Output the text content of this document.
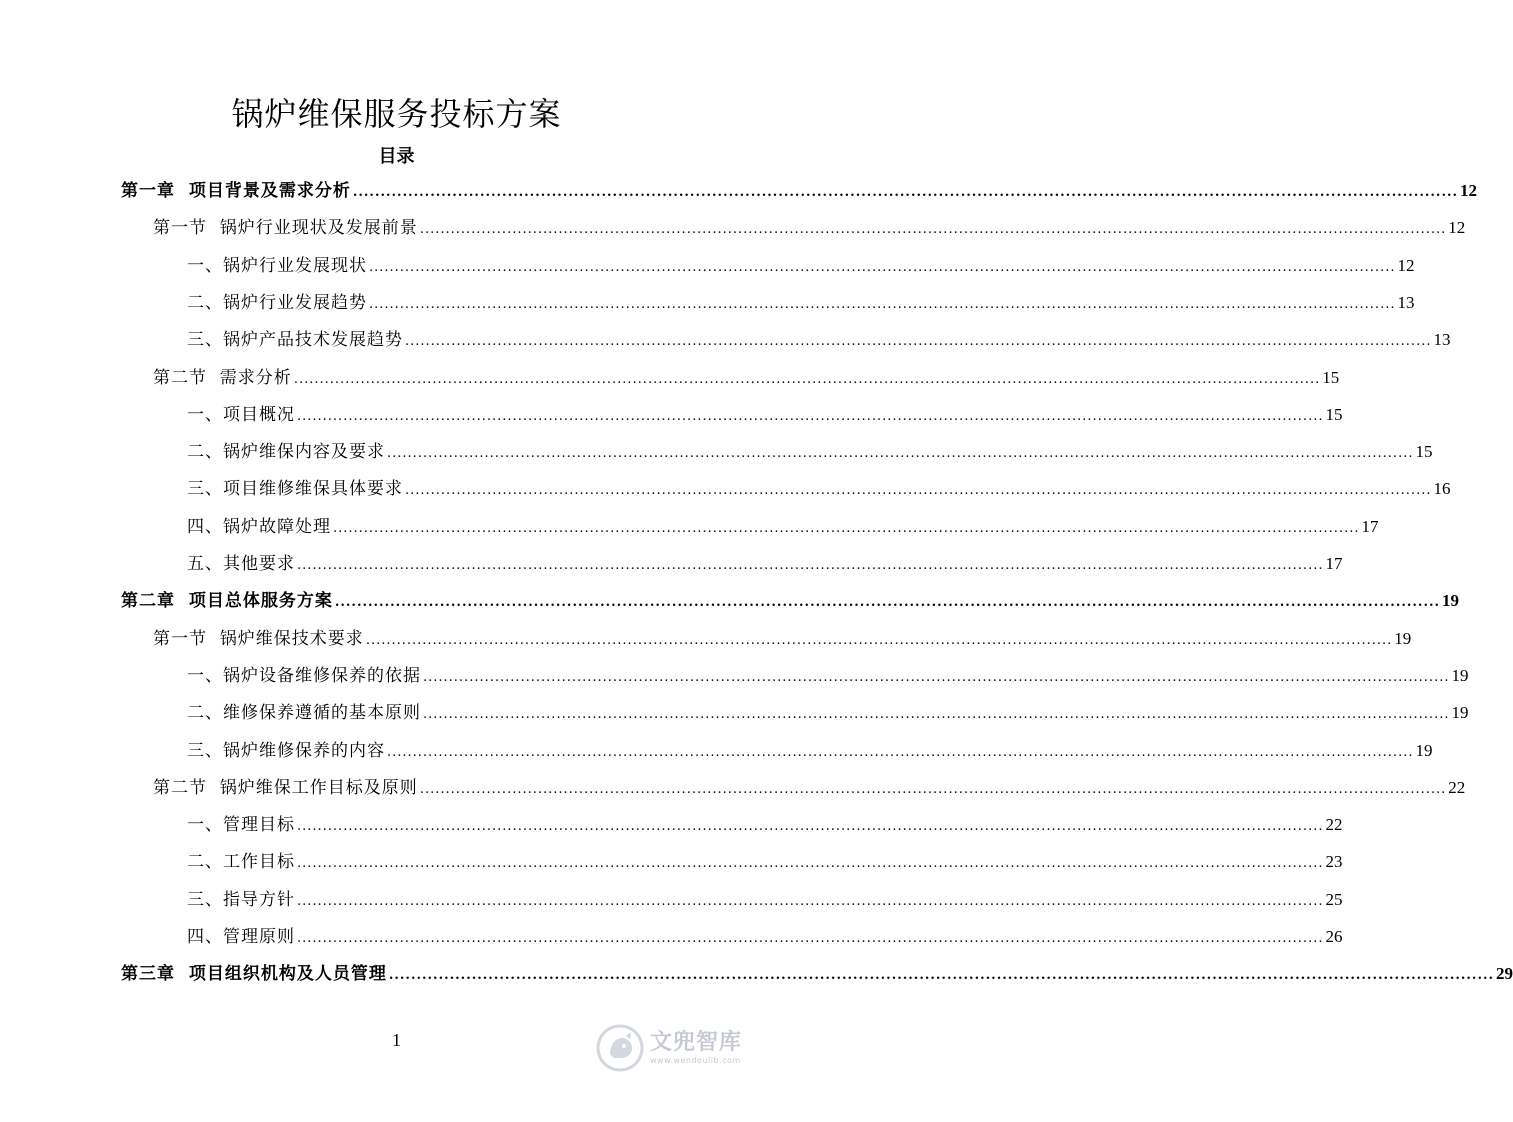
锅炉维保服务投标方案
目录
第一章  项目背景及需求分析 ........................................................................................................................................................................................................ 12
第一节  锅炉行业现状及发展前景 ........................................................................................................................................................................................................ 12
一、锅炉行业发展现状 ........................................................................................................................................................................................................ 12
二、锅炉行业发展趋势 ........................................................................................................................................................................................................ 13
三、锅炉产品技术发展趋势 ........................................................................................................................................................................................................ 13
第二节  需求分析 ........................................................................................................................................................................................................ 15
一、项目概况 ........................................................................................................................................................................................................ 15
二、锅炉维保内容及要求 ........................................................................................................................................................................................................ 15
三、项目维修维保具体要求 ........................................................................................................................................................................................................ 16
四、锅炉故障处理 ........................................................................................................................................................................................................ 17
五、其他要求 ........................................................................................................................................................................................................ 17
第二章  项目总体服务方案 ........................................................................................................................................................................................................ 19
第一节  锅炉维保技术要求 ........................................................................................................................................................................................................ 19
一、锅炉设备维修保养的依据 ........................................................................................................................................................................................................ 19
二、维修保养遵循的基本原则 ........................................................................................................................................................................................................ 19
三、锅炉维修保养的内容 ........................................................................................................................................................................................................ 19
第二节  锅炉维保工作目标及原则 ........................................................................................................................................................................................................ 22
一、管理目标 ........................................................................................................................................................................................................ 22
二、工作目标 ........................................................................................................................................................................................................ 23
三、指导方针 ........................................................................................................................................................................................................ 25
四、管理原则 ........................................................................................................................................................................................................ 26
第三章  项目组织机构及人员管理 ........................................................................................................................................................................................................ 29
1	文兜智库
www.wendoulib.com
